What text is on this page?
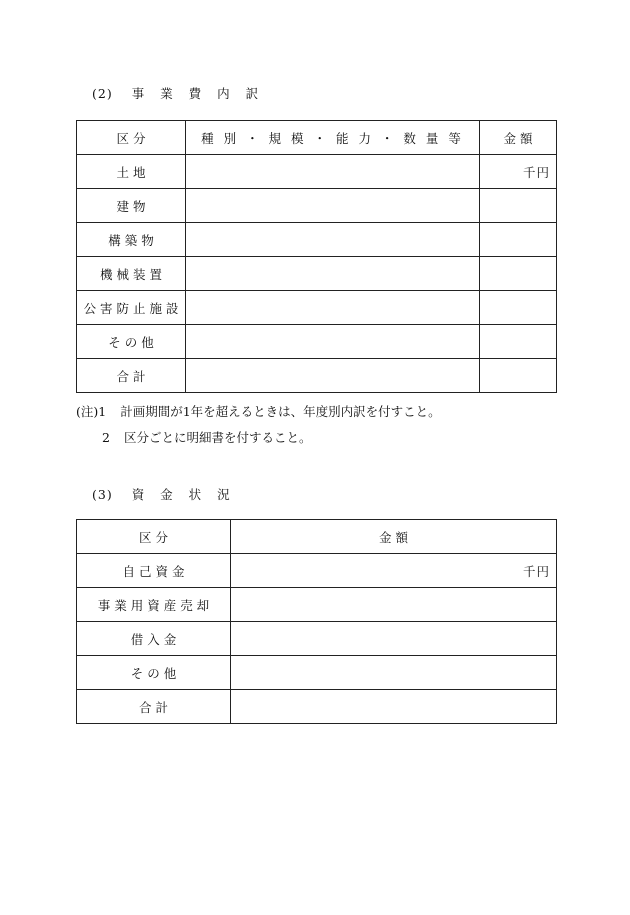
(2) 事 業 費 内 訳
区 分	種 別 ・ 規 模 ・ 能 力 ・ 数 量 等	金 額
土 地		千円
建 物		
構 築 物		
機 械 装 置		
公 害 防 止 施 設		
そ の 他		
合 計		
(注)1 計画期間が1年を超えるときは、年度別内訳を付すこと。
2 区分ごとに明細書を付すること。
(3) 資 金 状 況
区 分	金 額
自 己 資 金	千円
事 業 用 資 産 売 却	
借 入 金	
そ の 他	
合 計	
